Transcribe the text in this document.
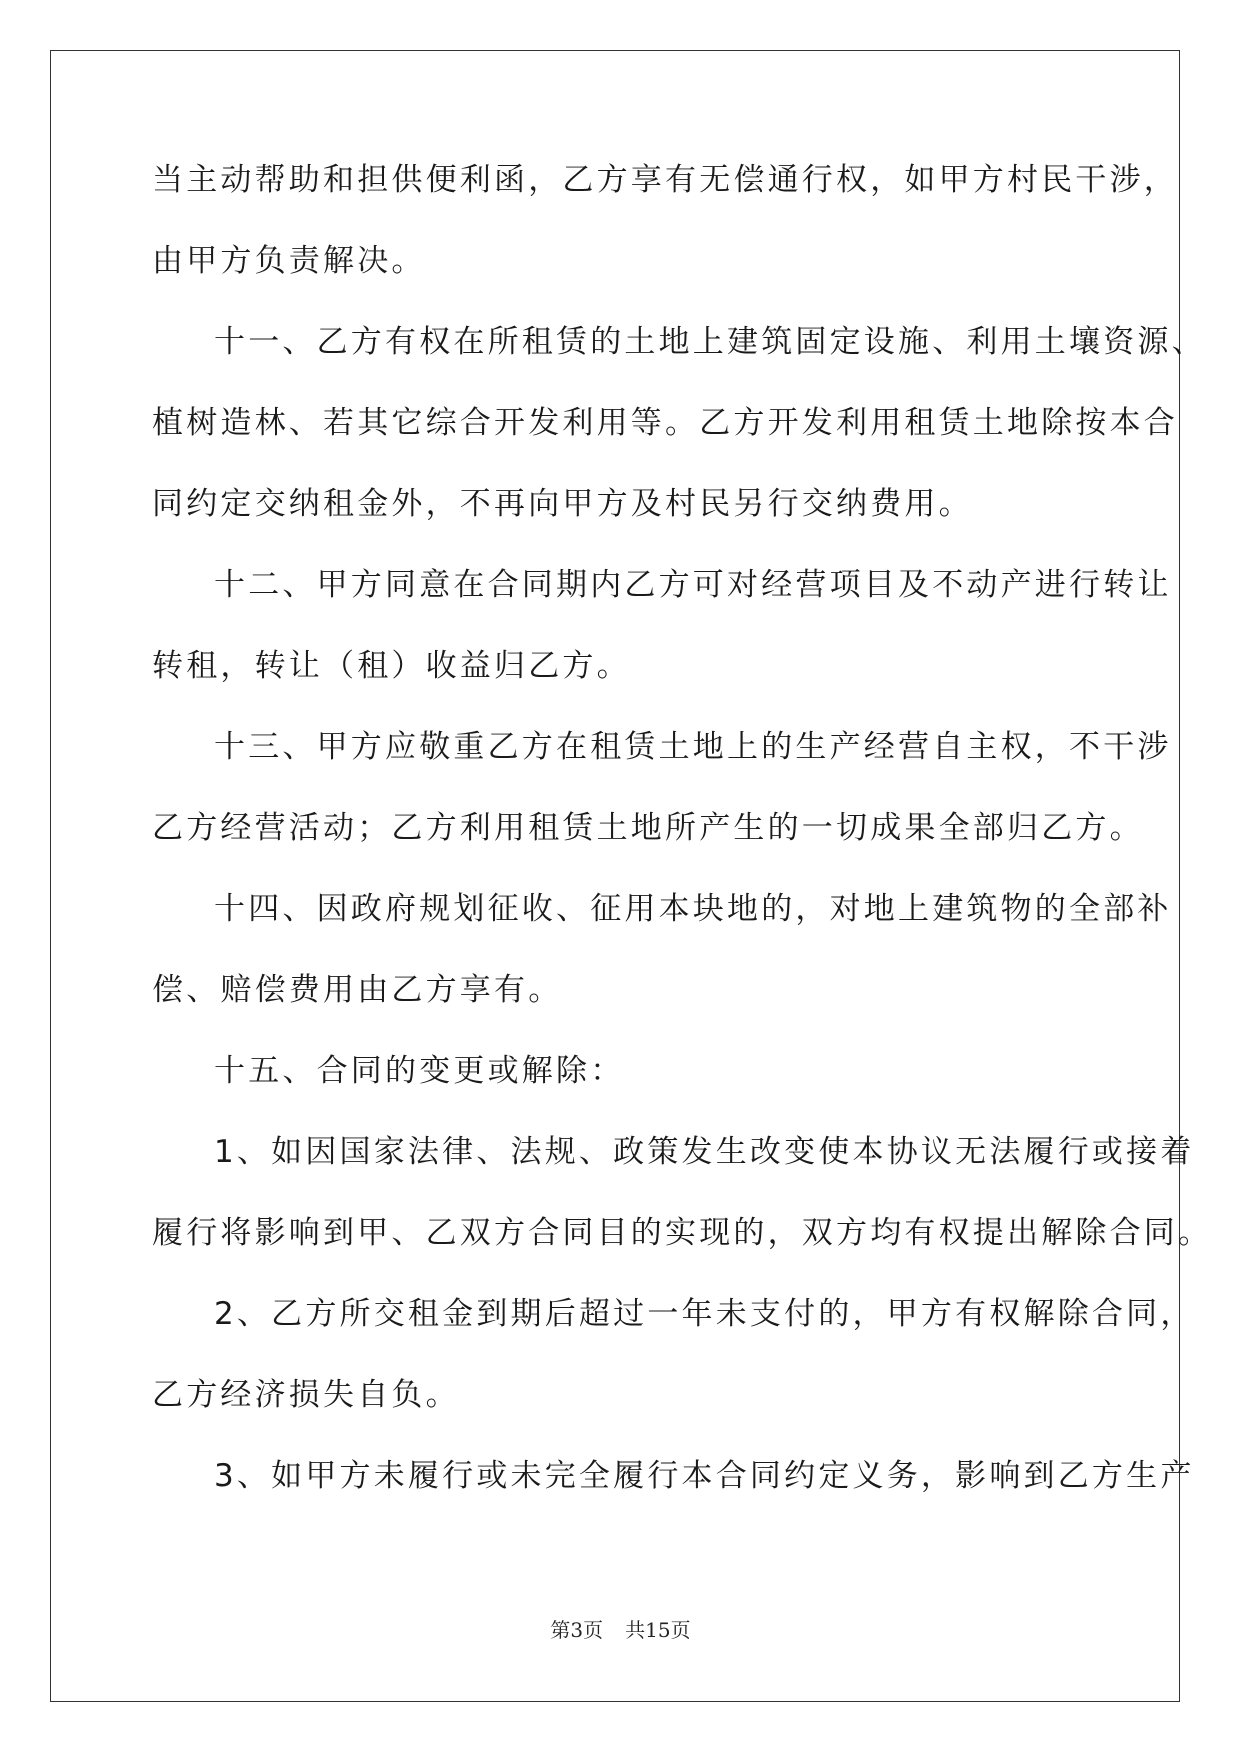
当主动帮助和担供便利函，乙方享有无偿通行权，如甲方村民干涉，
由甲方负责解决。
十一、乙方有权在所租赁的土地上建筑固定设施、利用土壤资源、
植树造林、若其它综合开发利用等。乙方开发利用租赁土地除按本合
同约定交纳租金外，不再向甲方及村民另行交纳费用。
十二、甲方同意在合同期内乙方可对经营项目及不动产进行转让
转租，转让（租）收益归乙方。
十三、甲方应敬重乙方在租赁土地上的生产经营自主权，不干涉
乙方经营活动；乙方利用租赁土地所产生的一切成果全部归乙方。
十四、因政府规划征收、征用本块地的，对地上建筑物的全部补
偿、赔偿费用由乙方享有。
十五、合同的变更或解除：
1、如因国家法律、法规、政策发生改变使本协议无法履行或接着
履行将影响到甲、乙双方合同目的实现的，双方均有权提出解除合同。
2、乙方所交租金到期后超过一年未支付的，甲方有权解除合同，
乙方经济损失自负。
3、如甲方未履行或未完全履行本合同约定义务，影响到乙方生产
第3页 共15页
